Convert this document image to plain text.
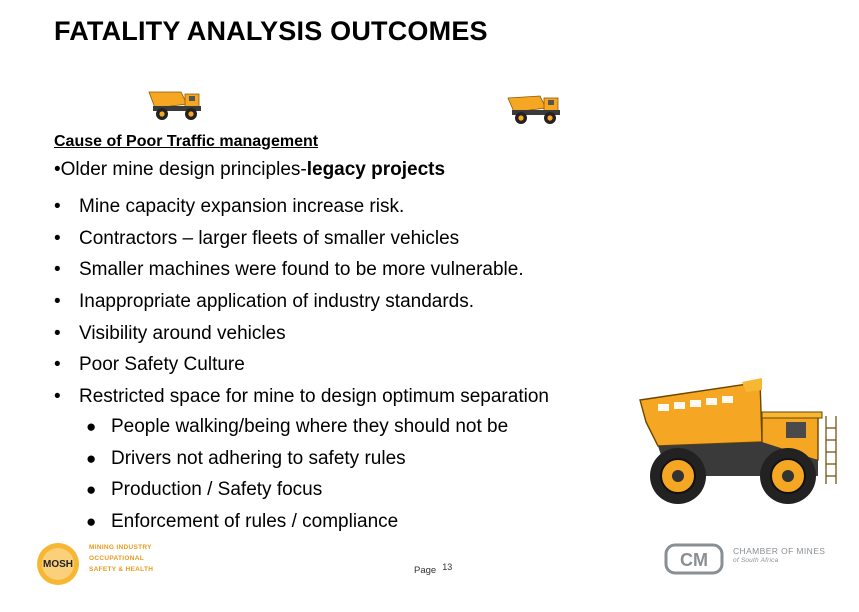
FATALITY ANALYSIS OUTCOMES
Cause of Poor Traffic management
•Older mine design principles-legacy projects
• Mine capacity expansion increase risk.
• Contractors – larger fleets of smaller vehicles
• Smaller machines were found to be more vulnerable.
• Inappropriate application of industry standards.
• Visibility around vehicles
• Poor Safety Culture
• Restricted space for mine to design optimum separation
● People walking/being where they should not be
● Drivers not adhering to safety rules
● Production / Safety focus
● Enforcement of rules / compliance
MOSH
MINING INDUSTRY
OCCUPATIONAL
SAFETY & HEALTH	Page 13	CM	CHAMBER OF MINES
of South Africa
